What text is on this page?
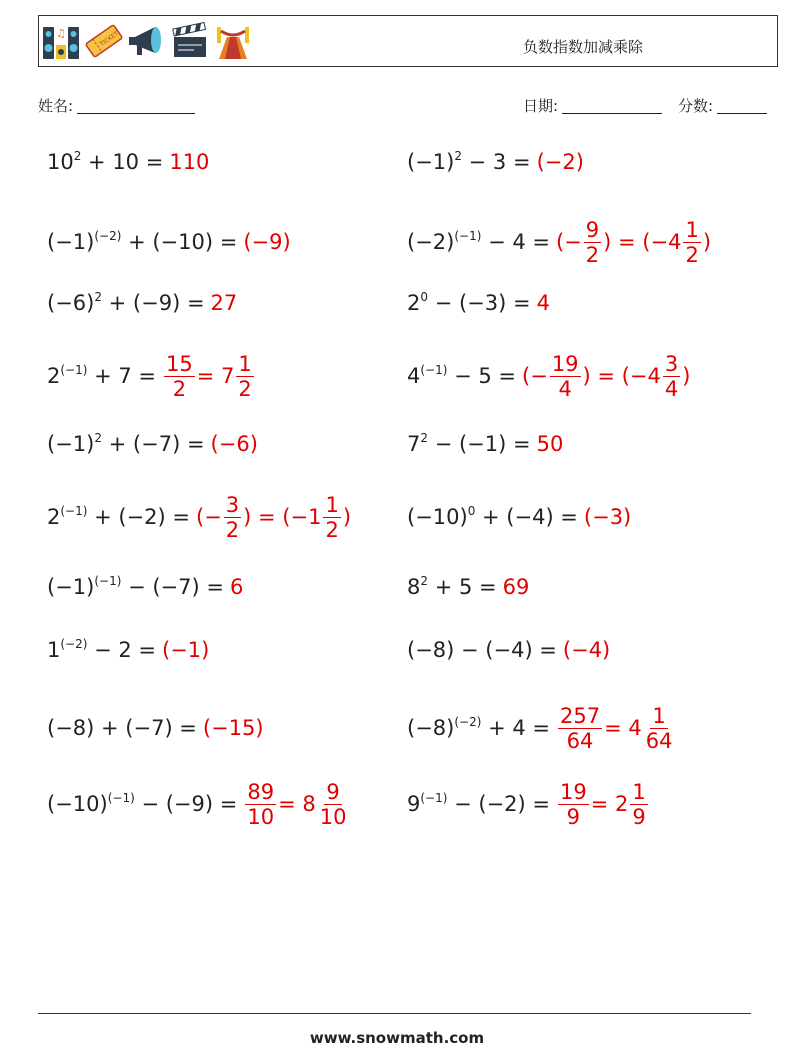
♫	TICKET	负数指数加减乘除
姓名:	日期:	分数:
$10^2 + 10 = 110$	$(-1)^2 - 3 = (-2)$
$(-1)^{(-2)} + (-10) = (-9)$	$(-2)^{(-1)} - 4$ = (− $\frac{9}{2}$ ) = ($-4 \frac{1}{2}$ )
$(-6)^2 + (-9) = 27$	$2^0 - (-3) = 4$
$2^{(-1)} + 7 = \frac{15}{2} = 7 \frac{1}{2}$	$4^{(-1)} - 5$ = (− $\frac{19}{4}$ ) = ($-4 \frac{3}{4}$ )
$(-1)^2 + (-7) = (-6)$	$7^2 - (-1) = 50$
$2^{(-1)} + (-2)$ = (− $\frac{3}{2}$ ) = ($-1 \frac{1}{2}$ )	$(-10)^0 + (-4) = (-3)$
$(-1)^{(-1)} - (-7) = 6$	$8^2 + 5 = 69$
$1^{(-2)} - 2 = (-1)$	(−8) − (−4) = (−4)
(−8) + (−7) = (−15)	$(-8)^{(-2)} + 4 = \frac{257}{64} = 4 \frac{1}{64}$
$(-10)^{(-1)} - (-9) = \frac{89}{10} = 8 \frac{9}{10}$	$9^{(-1)} - (-2) = \frac{19}{9} = 2 \frac{1}{9}$
www.snowmath.com
